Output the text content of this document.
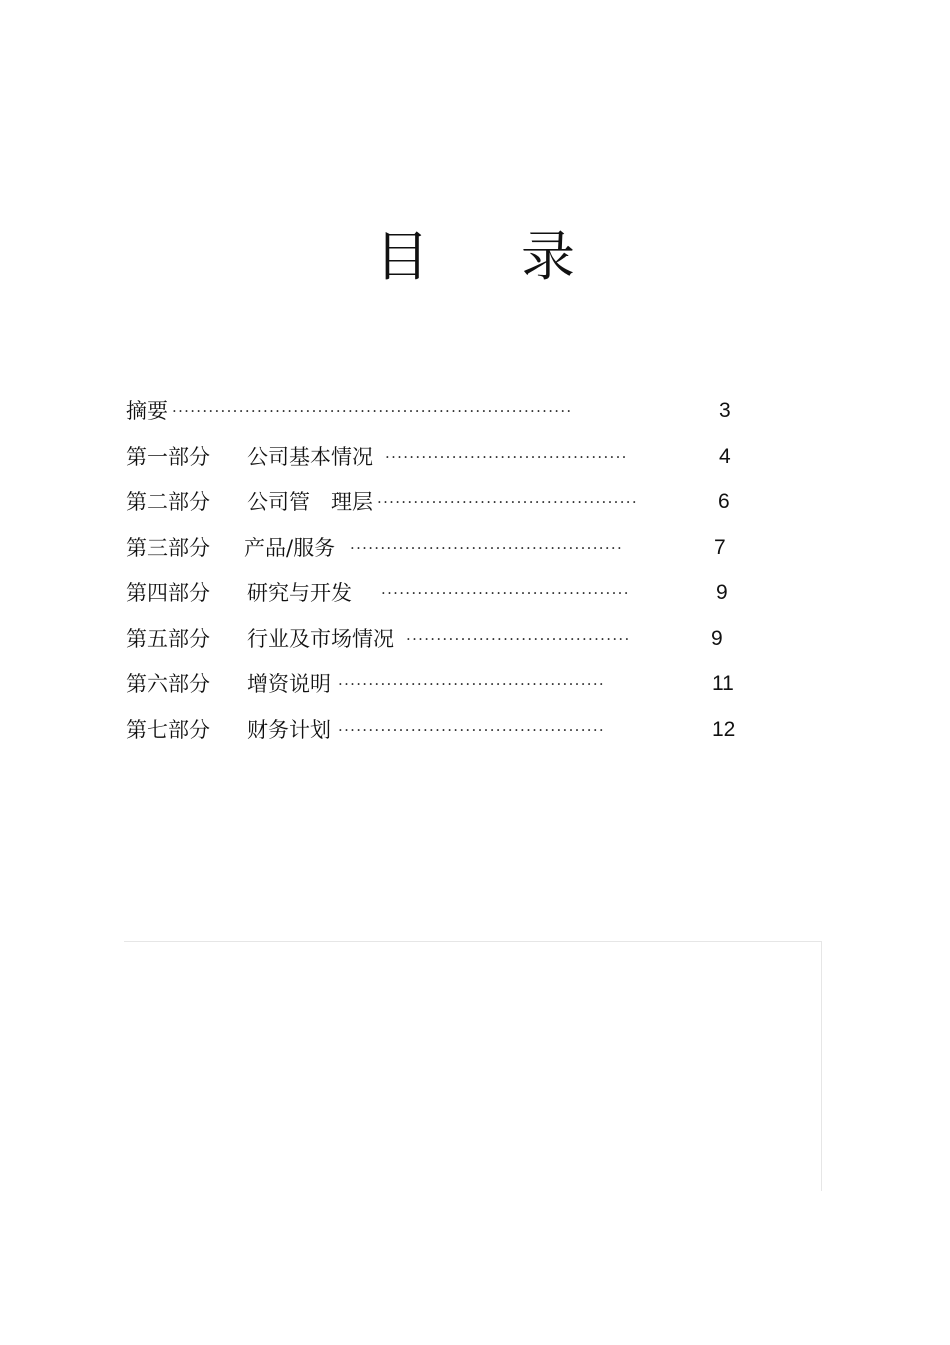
目 录
摘要 ··································································	3
第一部分 公司基本情况 ········································	4
第二部分 公司管　理层 ···········································	6
第三部分 产品/服务 ·············································	7
第四部分 研究与开发 ·········································	9
第五部分 行业及市场情况 ·····································	9
第六部分 增资说明 ············································	11
第七部分 财务计划 ············································	12
